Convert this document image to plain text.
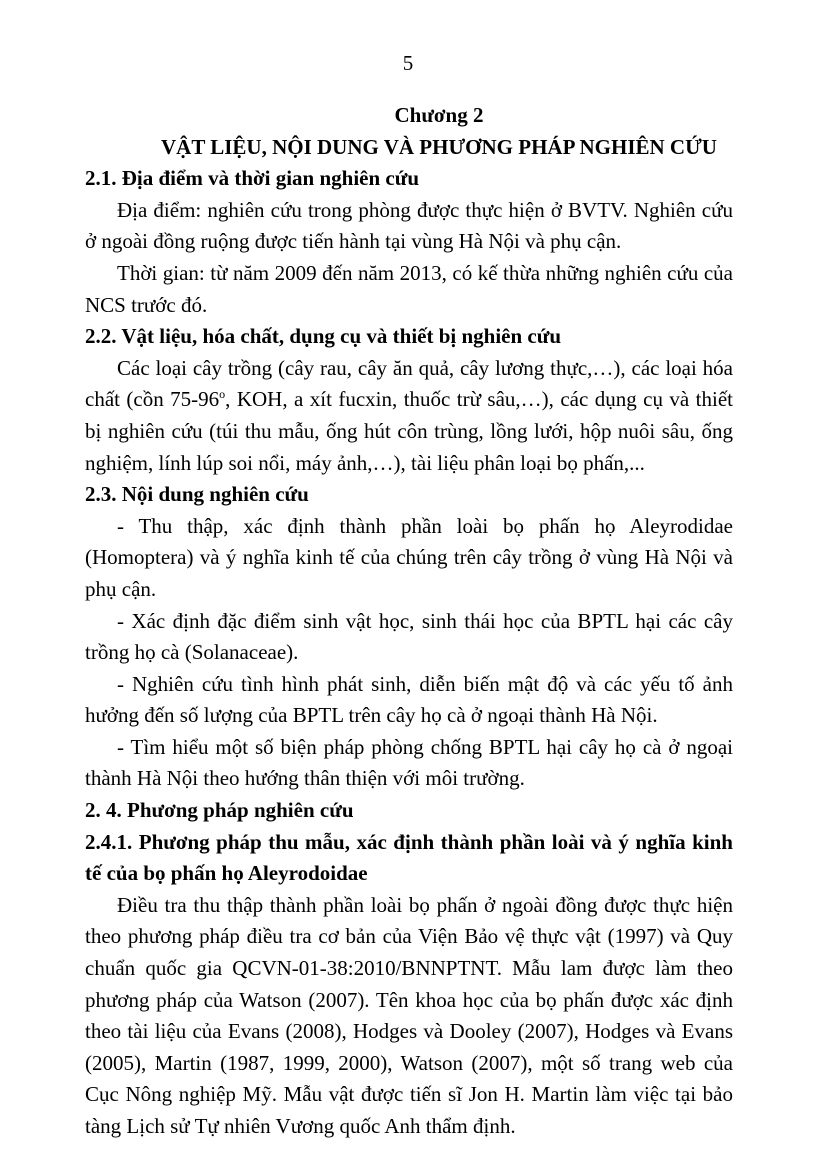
5
Chương 2
VẬT LIỆU, NỘI DUNG VÀ PHƯƠNG PHÁP NGHIÊN CỨU
2.1. Địa điểm và thời gian nghiên cứu

Địa điểm: nghiên cứu trong phòng được thực hiện ở BVTV. Nghiên cứu ở ngoài đồng ruộng được tiến hành tại vùng Hà Nội và phụ cận.

Thời gian: từ năm 2009 đến năm 2013, có kế thừa những nghiên cứu của NCS trước đó.

2.2. Vật liệu, hóa chất, dụng cụ và thiết bị nghiên cứu

Các loại cây trồng (cây rau, cây ăn quả, cây lương thực,…), các loại hóa chất (cồn 75-96$^o$, KOH, a xít fucxin, thuốc trừ sâu,…), các dụng cụ và thiết bị nghiên cứu (túi thu mẫu, ống hút côn trùng, lồng lưới, hộp nuôi sâu, ống nghiệm, lính lúp soi nổi, máy ảnh,…), tài liệu phân loại bọ phấn,...

2.3. Nội dung nghiên cứu

- Thu thập, xác định thành phần loài bọ phấn họ Aleyrodidae (Homoptera) và ý nghĩa kinh tế của chúng trên cây trồng ở vùng Hà Nội và phụ cận.

- Xác định đặc điểm sinh vật học, sinh thái học của BPTL hại các cây trồng họ cà (Solanaceae).

- Nghiên cứu tình hình phát sinh, diễn biến mật độ và các yếu tố ảnh hưởng đến số lượng của BPTL trên cây họ cà ở ngoại thành Hà Nội.

- Tìm hiểu một số biện pháp phòng chống BPTL hại cây họ cà ở ngoại thành Hà Nội theo hướng thân thiện với môi trường.

2. 4. Phương pháp nghiên cứu
2.4.1. Phương pháp thu mẫu, xác định thành phần loài và ý nghĩa kinh tế của bọ phấn họ Aleyrodoidae

Điều tra thu thập thành phần loài bọ phấn ở ngoài đồng được thực hiện theo phương pháp điều tra cơ bản của Viện Bảo vệ thực vật (1997) và Quy chuẩn quốc gia QCVN-01-38:2010/BNNPTNT. Mẫu lam được làm theo phương pháp của Watson (2007). Tên khoa học của bọ phấn được xác định theo tài liệu của Evans (2008), Hodges và Dooley (2007), Hodges và Evans (2005), Martin (1987, 1999, 2000), Watson (2007), một số trang web của Cục Nông nghiệp Mỹ. Mẫu vật được tiến sĩ Jon H. Martin làm việc tại bảo tàng Lịch sử Tự nhiên Vương quốc Anh thẩm định.
